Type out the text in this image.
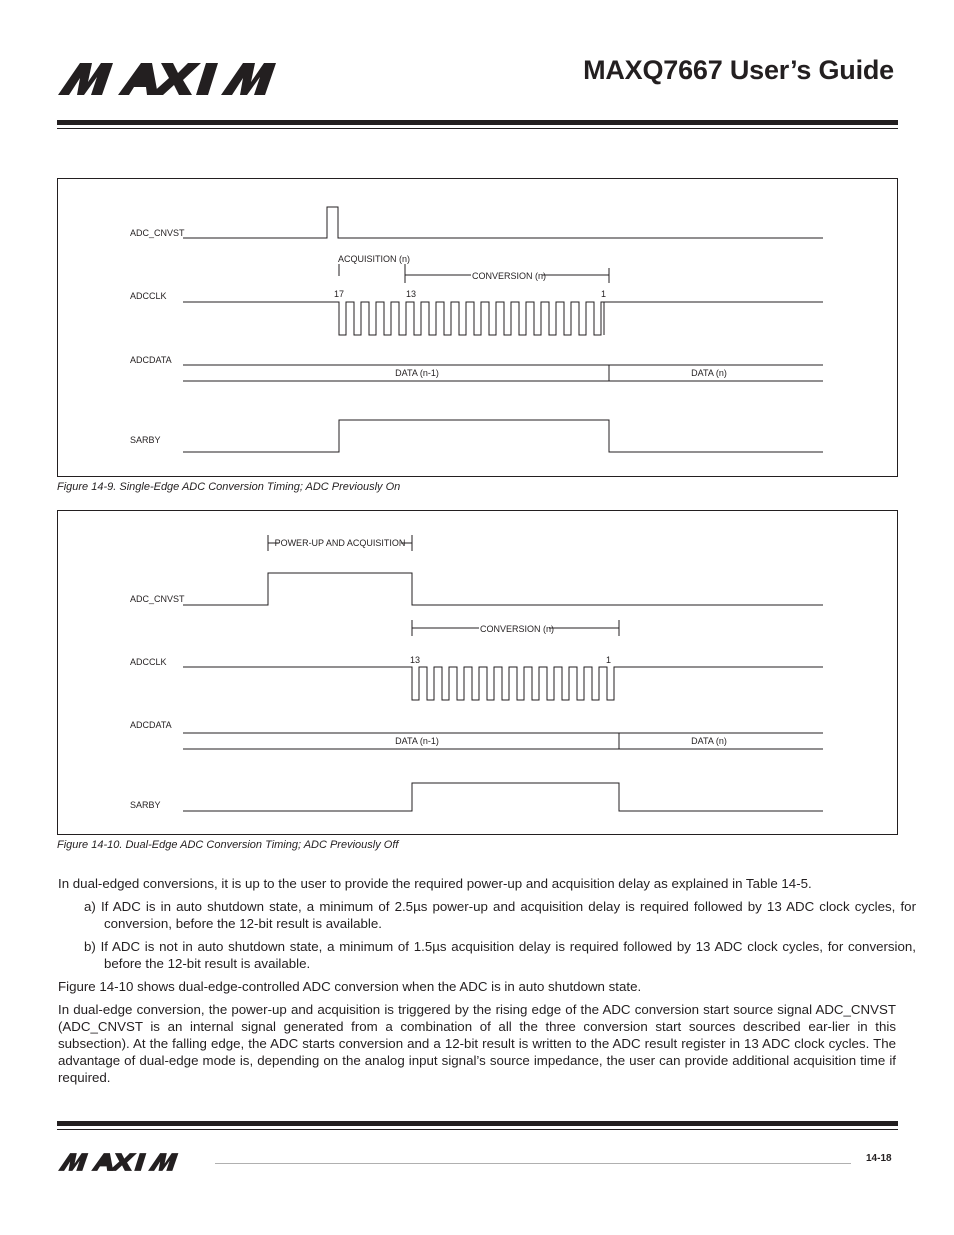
MAXQ7667 User’s Guide
ADC_CNVST
ADCCLK
ADCDATA
SARBY
ACQUISITION (n)
CONVERSION (n)
17	13	1
DATA (n-1)	DATA (n)
Figure 14-9. Single-Edge ADC Conversion Timing; ADC Previously On
POWER-UP AND ACQUISITION
ADC_CNVST
CONVERSION (n)
ADCCLK	13	1
ADCDATA
DATA (n-1)	DATA (n)
SARBY
Figure 14-10. Dual-Edge ADC Conversion Timing; ADC Previously Off
In dual-edged conversions, it is up to the user to provide the required power-up and acquisition delay as explained in Table 14-5.
a) If ADC is in auto shutdown state, a minimum of 2.5µs power-up and acquisition delay is required followed by 13 ADC clock cycles, for conversion, before the 12-bit result is available.
b) If ADC is not in auto shutdown state, a minimum of 1.5µs acquisition delay is required followed by 13 ADC clock cycles, for conversion, before the 12-bit result is available.
Figure 14-10 shows dual-edge-controlled ADC conversion when the ADC is in auto shutdown state.
In dual-edge conversion, the power-up and acquisition is triggered by the rising edge of the ADC conversion start source signal ADC_CNVST (ADC_CNVST is an internal signal generated from a combination of all the three conversion start sources described ear-lier in this subsection). At the falling edge, the ADC starts conversion and a 12-bit result is written to the ADC result register in 13 ADC clock cycles. The advantage of dual-edge mode is, depending on the analog input signal’s source impedance, the user can provide additional acquisition time if required.
14-18
